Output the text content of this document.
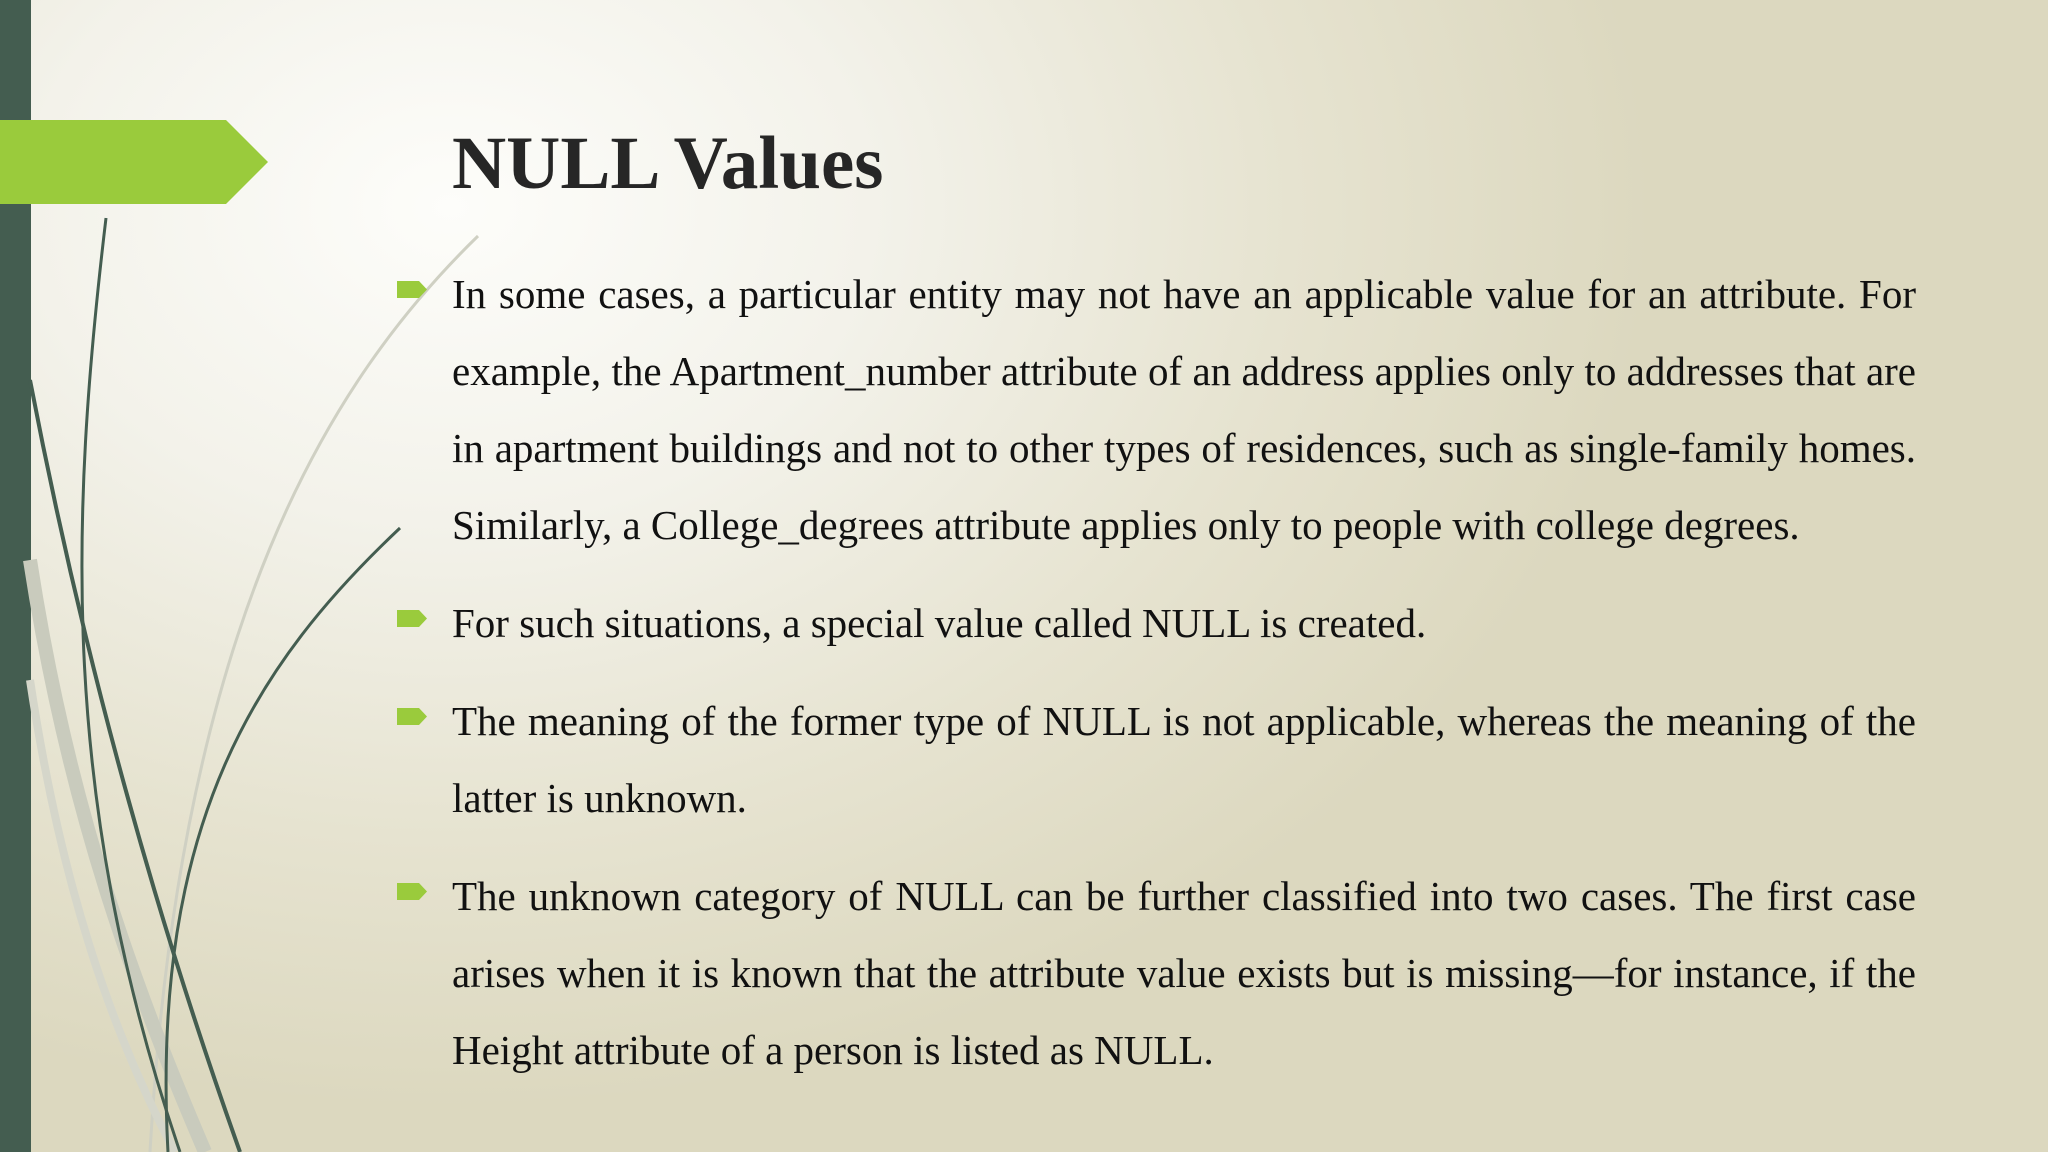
NULL Values
In some cases, a particular entity may not have an applicable value for an attribute. For example, the Apartment_number attribute of an address applies only to addresses that are in apartment buildings and not to other types of residences, such as single-family homes. Similarly, a College_degrees attribute applies only to people with college degrees.
For such situations, a special value called NULL is created.
The meaning of the former type of NULL is not applicable, whereas the meaning of the latter is unknown.
The unknown category of NULL can be further classified into two cases. The first case arises when it is known that the attribute value exists but is missing—for instance, if the Height attribute of a person is listed as NULL.
